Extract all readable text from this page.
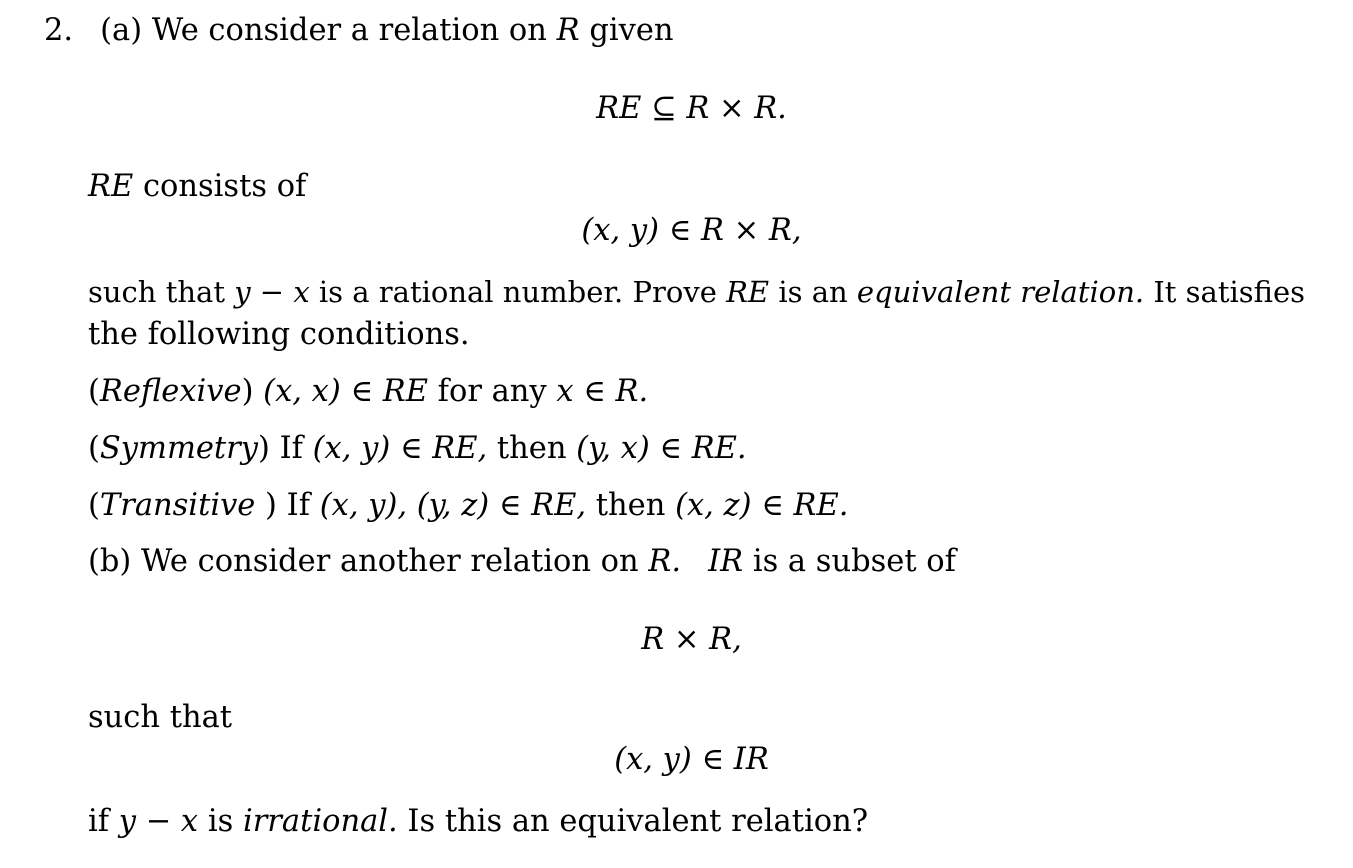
2. (a) We consider a relation on R given
RE ⊆ R × R.
RE consists of
(x, y) ∈ R × R,
such that y − x is a rational number. Prove RE is an equivalent relation. It satisfies
the following conditions.
(Reflexive) (x, x) ∈ RE for any x ∈ R.
(Symmetry) If (x, y) ∈ RE, then (y, x) ∈ RE.
(Transitive ) If (x, y), (y, z) ∈ RE, then (x, z) ∈ RE.
(b) We consider another relation on R. IR is a subset of
R × R,
such that
(x, y) ∈ IR
if y − x is irrational. Is this an equivalent relation?
